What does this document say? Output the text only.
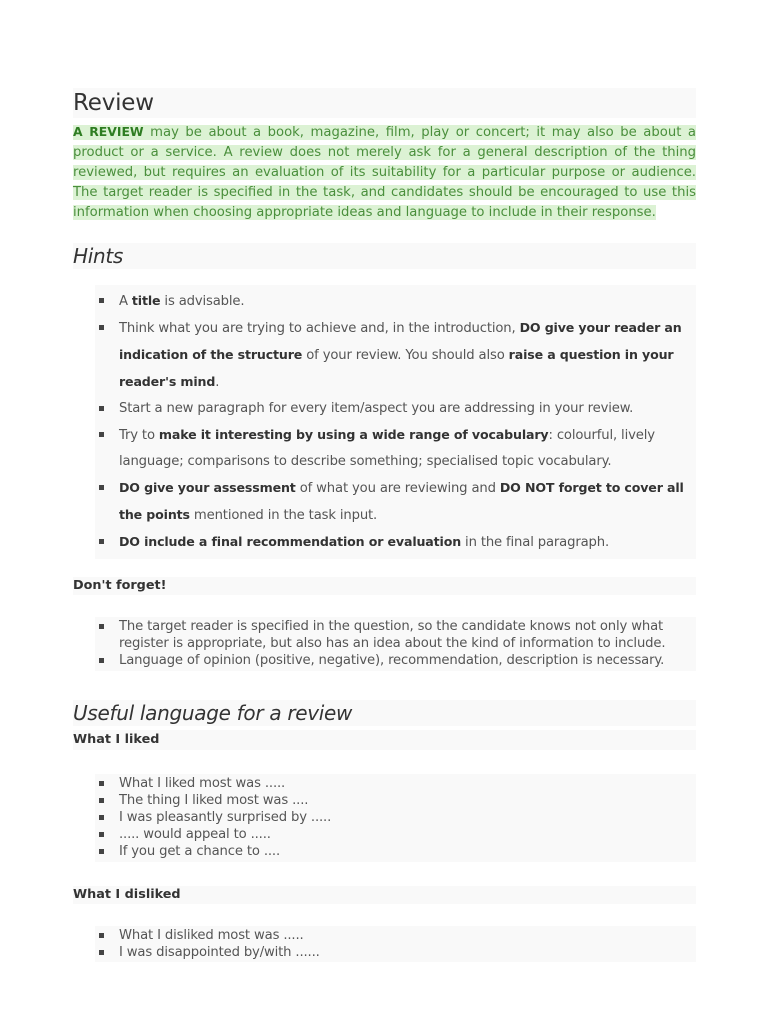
Review

A REVIEW may be about a book, magazine, film, play or concert; it may also be about a product or a service. A review does not merely ask for a general description of the thing reviewed, but requires an evaluation of its suitability for a particular purpose or audience. The target reader is specified in the task, and candidates should be encouraged to use this information when choosing appropriate ideas and language to include in their response.

Hints
A title is advisable.
Think what you are trying to achieve and, in the introduction, DO give your reader an indication of the structure of your review. You should also raise a question in your reader's mind.
Start a new paragraph for every item/aspect you are addressing in your review.
Try to make it interesting by using a wide range of vocabulary: colourful, lively language; comparisons to describe something; specialised topic vocabulary.
DO give your assessment of what you are reviewing and DO NOT forget to cover all the points mentioned in the task input.
DO include a final recommendation or evaluation in the final paragraph.
Don't forget!
The target reader is specified in the question, so the candidate knows not only what register is appropriate, but also has an idea about the kind of information to include.
Language of opinion (positive, negative), recommendation, description is necessary.
Useful language for a review
What I liked
What I liked most was .....
The thing I liked most was ....
I was pleasantly surprised by .....
..... would appeal to .....
If you get a chance to ....
What I disliked
What I disliked most was .....
I was disappointed by/with ......
